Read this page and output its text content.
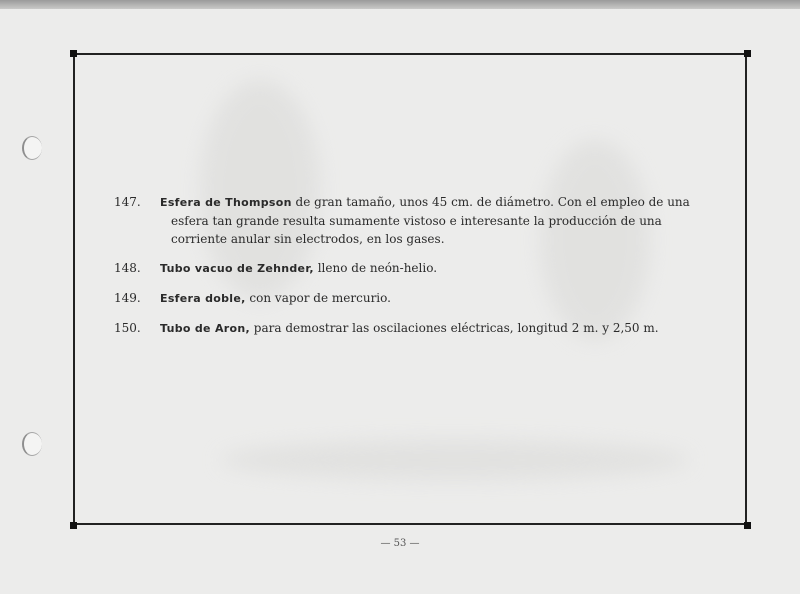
147.	Esfera de Thompson de gran tamaño, unos 45 cm. de diámetro. Con el empleo de una esfera tan grande resulta sumamente vistoso e interesante la producción de una corriente anular sin electrodos, en los gases.
148.	Tubo vacuo de Zehnder, lleno de neón-helio.
149.	Esfera doble, con vapor de mercurio.
150.	Tubo de Aron, para demostrar las oscilaciones eléctricas, longitud 2 m. y 2,50 m.
— 53 —
